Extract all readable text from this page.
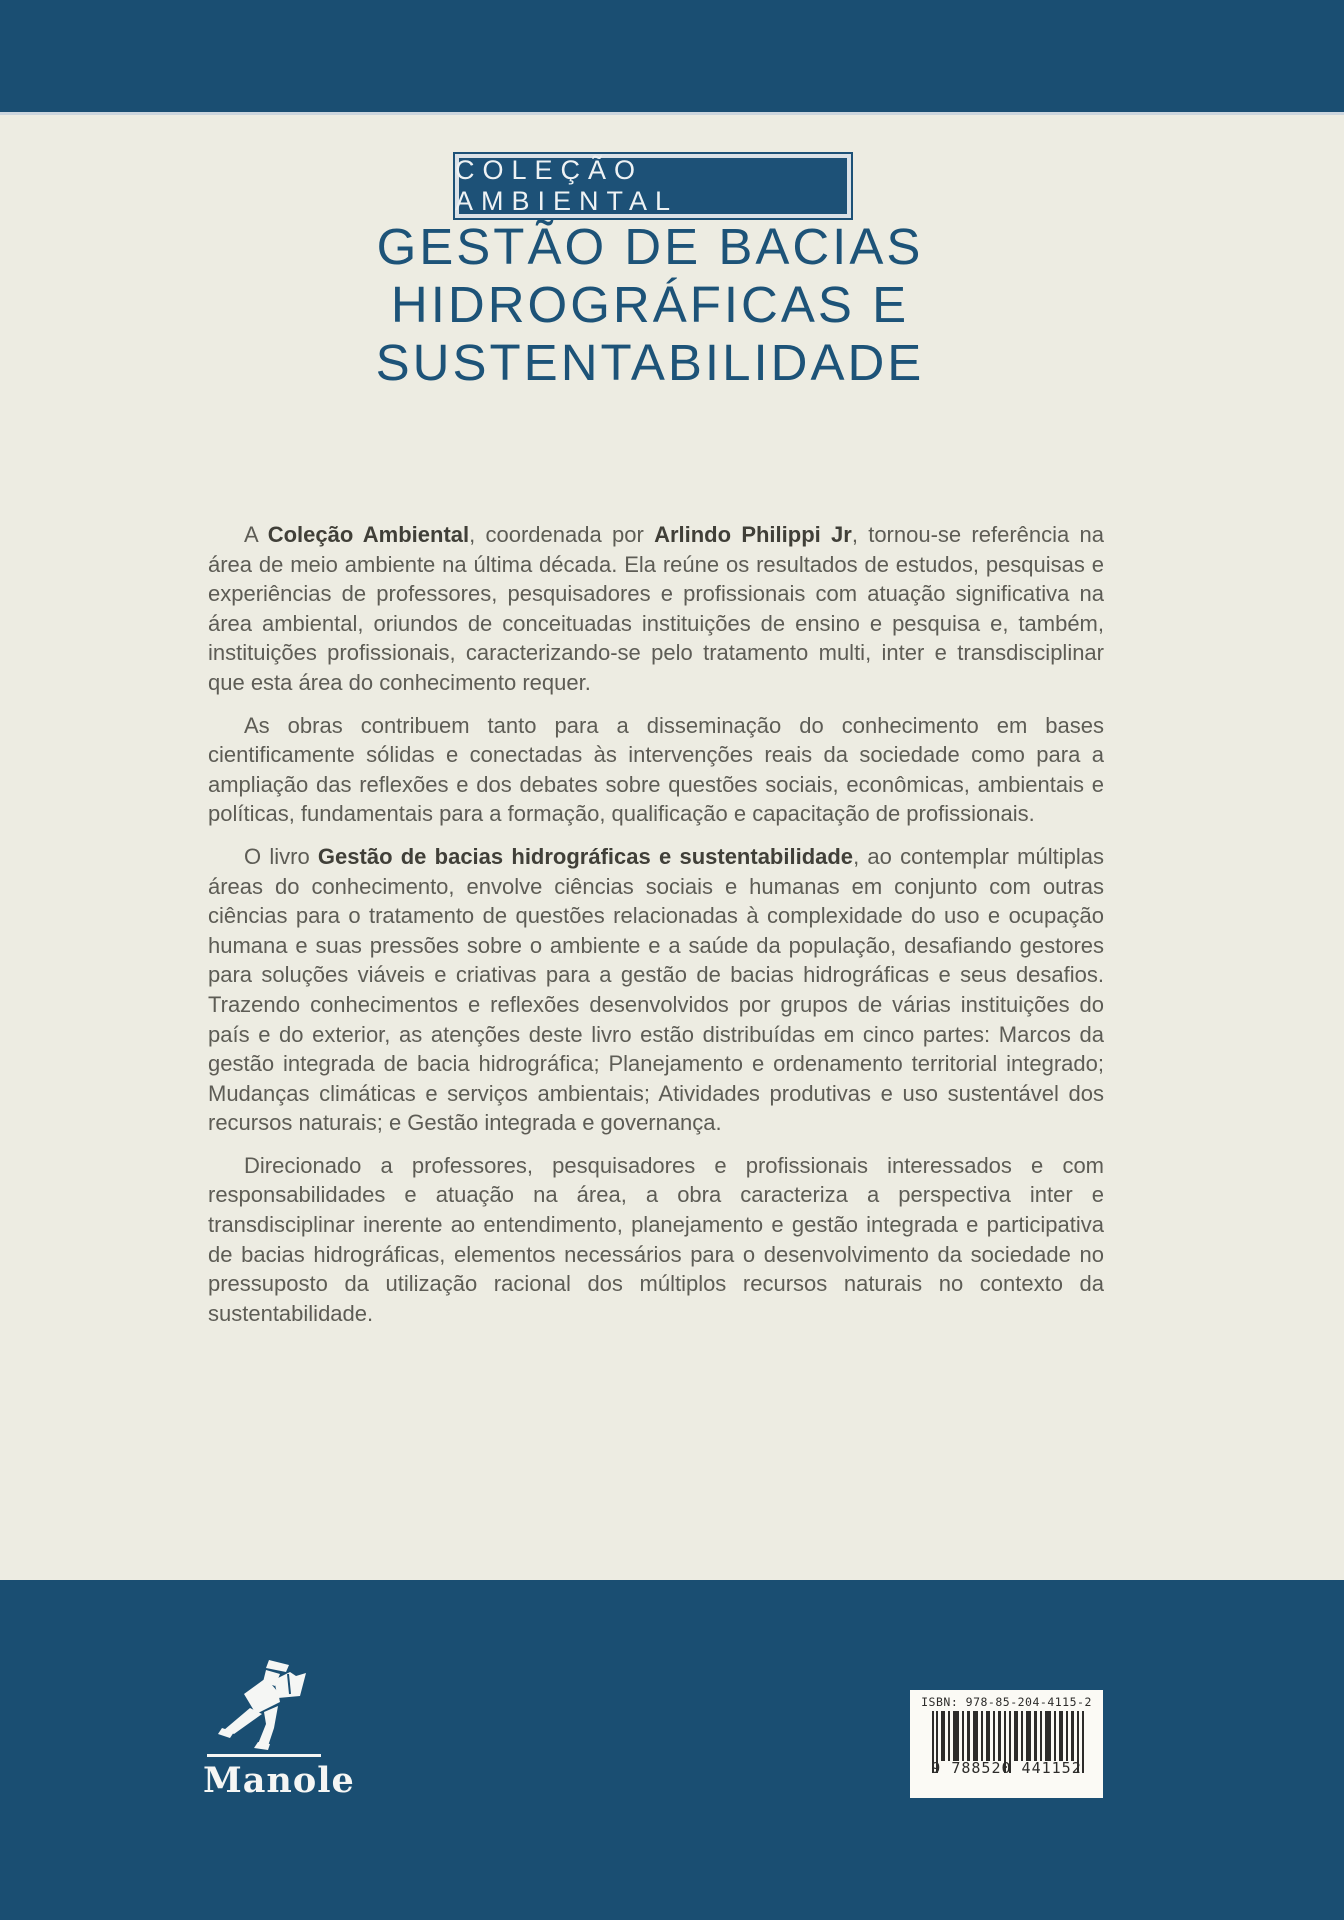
COLEÇÃO AMBIENTAL
GESTÃO DE BACIAS
HIDROGRÁFICAS E
SUSTENTABILIDADE

A Coleção Ambiental, coordenada por Arlindo Philippi Jr, tornou-se referência na área de meio ambiente na última década. Ela reúne os resultados de estudos, pesquisas e experiências de professores, pesquisadores e profissionais com atuação significativa na área ambiental, oriundos de conceituadas instituições de ensino e pesquisa e, também, instituições profissionais, caracterizando-se pelo tratamento multi, inter e transdisciplinar que esta área do conhecimento requer.

As obras contribuem tanto para a disseminação do conhecimento em bases cientificamente sólidas e conectadas às intervenções reais da sociedade como para a ampliação das reflexões e dos debates sobre questões sociais, econômicas, ambientais e políticas, fundamentais para a formação, qualificação e capacitação de profissionais.

O livro Gestão de bacias hidrográficas e sustentabilidade, ao contemplar múltiplas áreas do conhecimento, envolve ciências sociais e humanas em conjunto com outras ciências para o tratamento de questões relacionadas à complexidade do uso e ocupação humana e suas pressões sobre o ambiente e a saúde da população, desafiando gestores para soluções viáveis e criativas para a gestão de bacias hidrográficas e seus desafios. Trazendo conhecimentos e reflexões desenvolvidos por grupos de várias instituições do país e do exterior, as atenções deste livro estão distribuídas em cinco partes: Marcos da gestão integrada de bacia hidrográfica; Planejamento e ordenamento territorial integrado; Mudanças climáticas e serviços ambientais; Atividades produtivas e uso sustentável dos recursos naturais; e Gestão integrada e governança.

Direcionado a professores, pesquisadores e profissionais interessados e com responsabilidades e atuação na área, a obra caracteriza a perspectiva inter e transdisciplinar inerente ao entendimento, planejamento e gestão integrada e participativa de bacias hidrográficas, elementos necessários para o desenvolvimento da sociedade no pressuposto da utilização racional dos múltiplos recursos naturais no contexto da sustentabilidade.

Manole
ISBN: 978-85-204-4115-2
9 788520 441152
